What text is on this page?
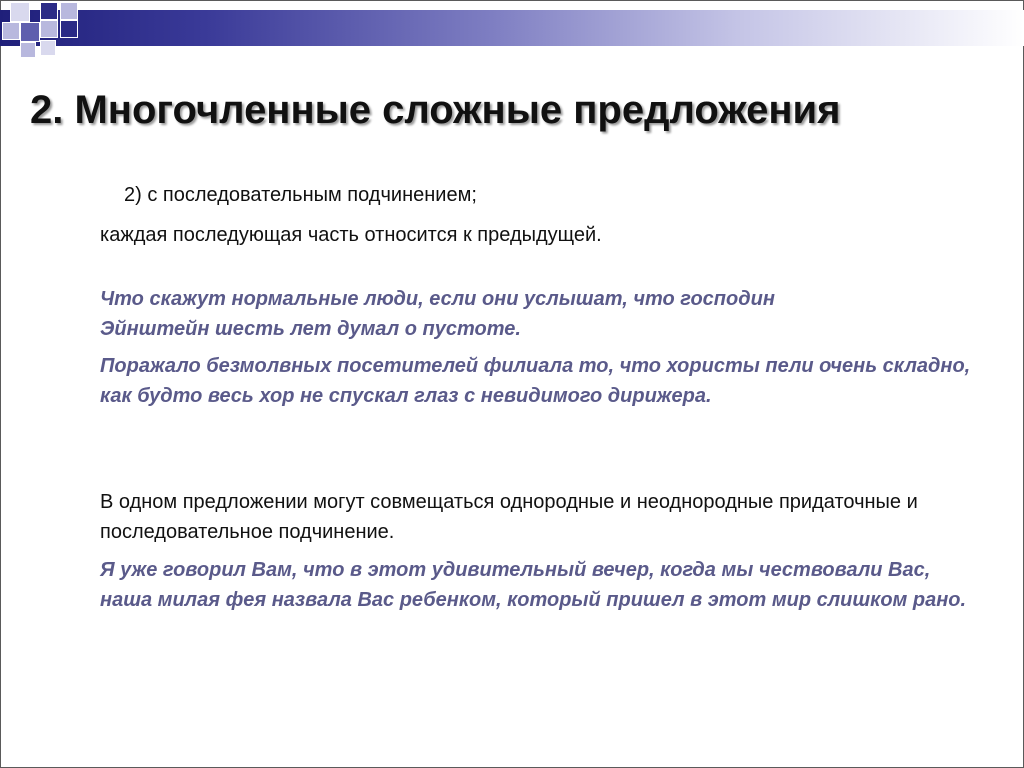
2. Многочленные сложные предложения
2) с последовательным подчинением;
каждая последующая часть относится к предыдущей.
Что скажут нормальные люди, если они услышат, что господин Эйнштейн шесть лет думал о пустоте.
Поражало безмолвных посетителей филиала то, что хористы пели очень складно, как будто весь хор не спускал глаз с невидимого дирижера.
В одном предложении могут совмещаться однородные и неоднородные придаточные и последовательное подчинение.
Я уже говорил Вам, что в этот удивительный вечер, когда мы чествовали Вас, наша милая фея назвала Вас ребенком, который пришел в этот мир слишком рано.
